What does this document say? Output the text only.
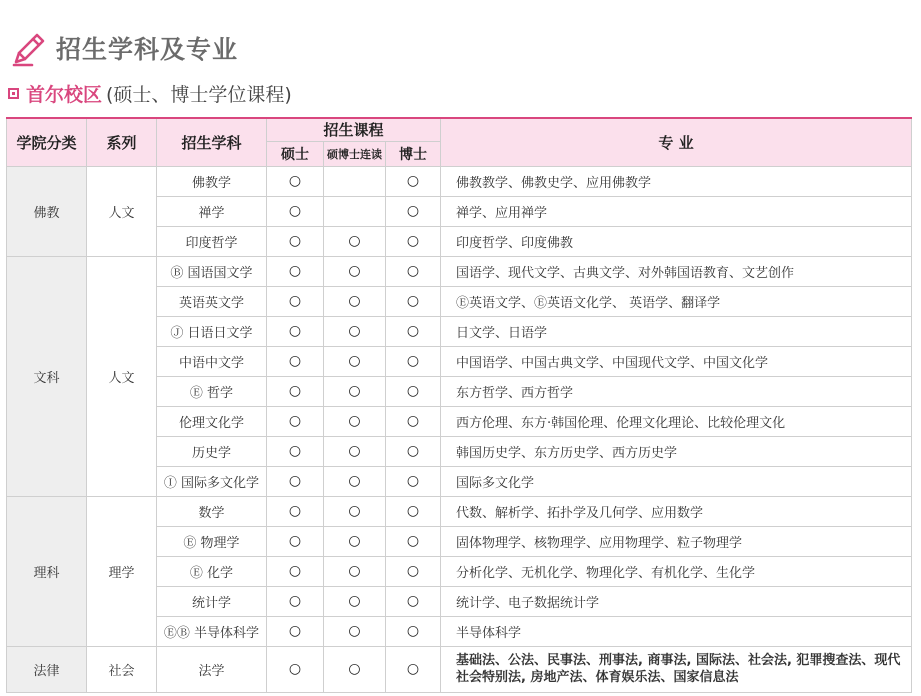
招生学科及专业
首尔校区 (硕士、博士学位课程)
学院分类	系列	招生学科	招生课程			专 业
			硕士	硕博士连读	博士	
佛教	人文	佛教学	○		○	佛教教学、佛教史学、应用佛教学
		禅学	○		○	禅学、应用禅学
		印度哲学	○	○	○	印度哲学、印度佛教
文科	人文	Ⓑ 国语国文学	○	○	○	国语学、现代文学、古典文学、对外韩国语教育、文艺创作
		英语英文学	○	○	○	Ⓔ英语文学、Ⓔ英语文化学、 英语学、翻译学
		Ⓙ 日语日文学	○	○	○	日文学、日语学
		中语中文学	○	○	○	中国语学、中国古典文学、中国现代文学、中国文化学
		Ⓔ 哲学	○	○	○	东方哲学、西方哲学
		伦理文化学	○	○	○	西方伦理、东方·韩国伦理、伦理文化理论、比较伦理文化
		历史学	○	○	○	韩国历史学、东方历史学、西方历史学
		Ⓘ 国际多文化学	○	○	○	国际多文化学
理科	理学	数学	○	○	○	代数、解析学、拓扑学及几何学、应用数学
		Ⓔ 物理学	○	○	○	固体物理学、核物理学、应用物理学、粒子物理学
		Ⓔ 化学	○	○	○	分析化学、无机化学、物理化学、有机化学、生化学
		统计学	○	○	○	统计学、电子数据统计学
		ⒺⒷ 半导体科学	○	○	○	半导体科学
法律	社会	法学	○	○	○	基础法、公法、民事法、刑事法, 商事法, 国际法、社会法, 犯罪搜查法、现代社会特别法, 房地产法、体育娱乐法、国家信息法
